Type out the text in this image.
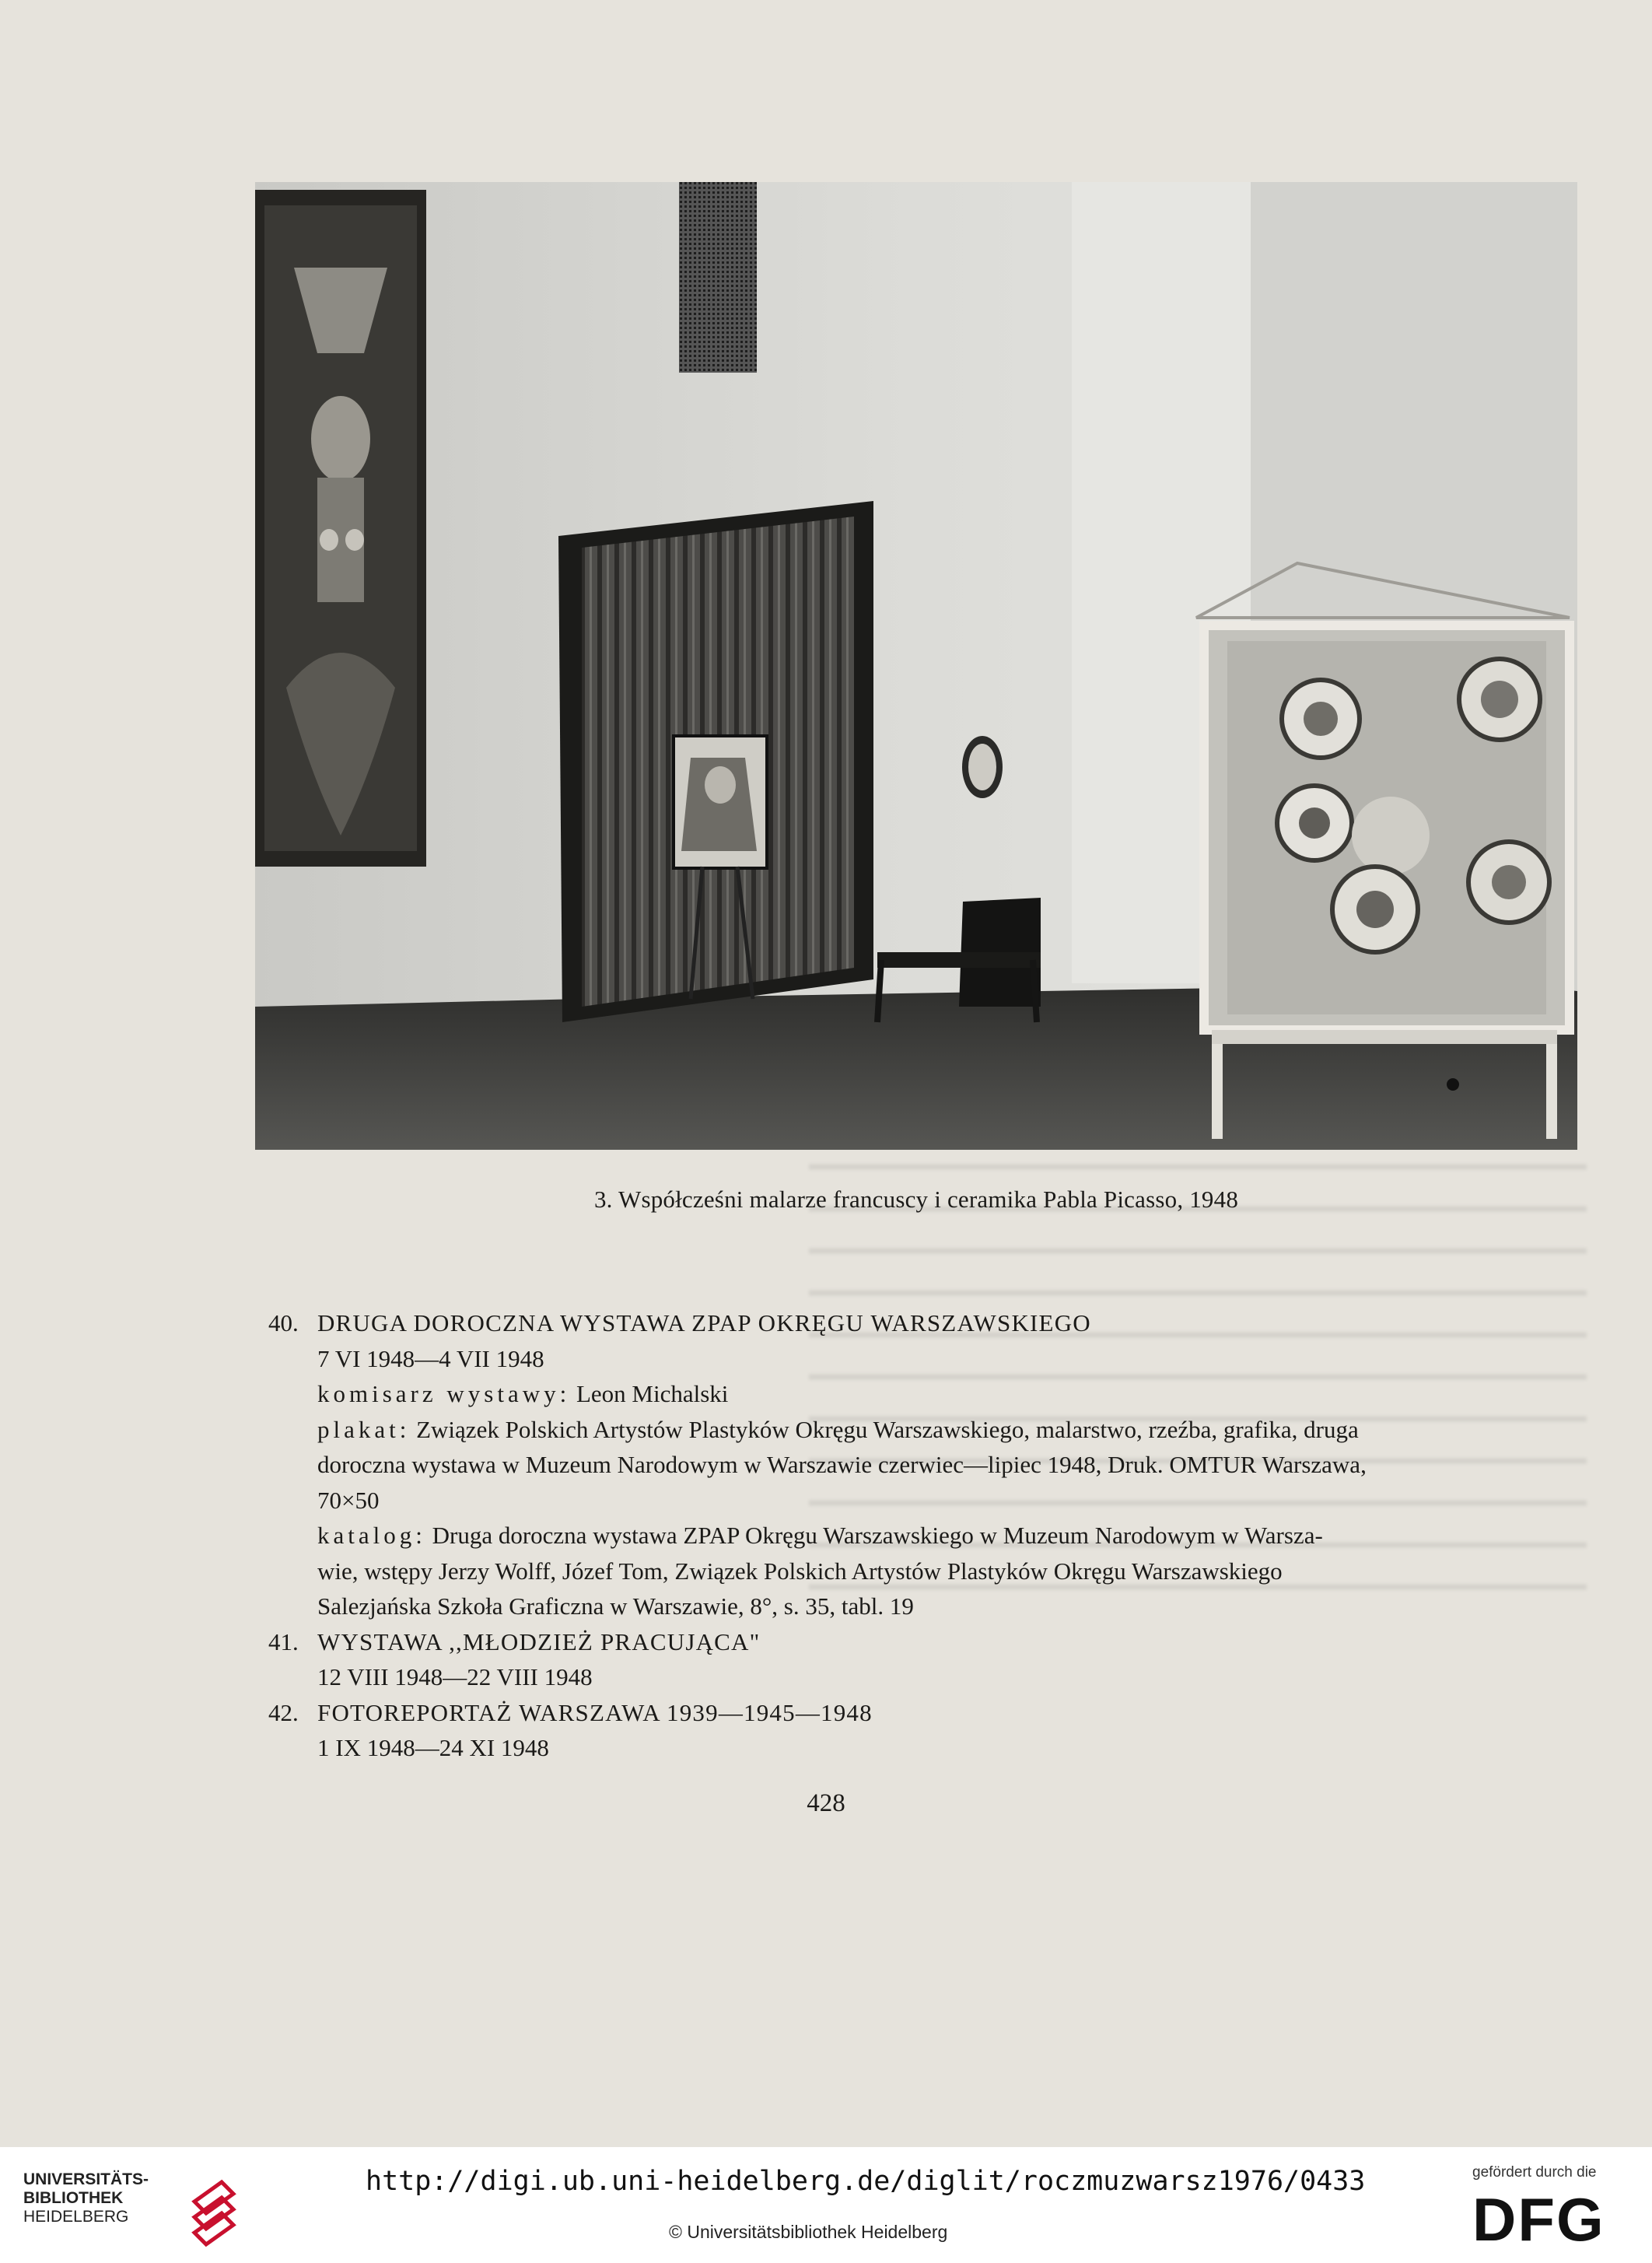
3. Współcześni malarze francuscy i ceramika Pabla Picasso, 1948
40. DRUGA DOROCZNA WYSTAWA ZPAP OKRĘGU WARSZAWSKIEGO
7 VI 1948—4 VII 1948
komisarz wystawy: Leon Michalski
plakat: Związek Polskich Artystów Plastyków Okręgu Warszawskiego, malarstwo, rzeźba, grafika, druga
doroczna wystawa w Muzeum Narodowym w Warszawie czerwiec—lipiec 1948, Druk. OMTUR Warszawa,
70×50
katalog: Druga doroczna wystawa ZPAP Okręgu Warszawskiego w Muzeum Narodowym w Warsza-
wie, wstępy Jerzy Wolff, Józef Tom, Związek Polskich Artystów Plastyków Okręgu Warszawskiego
Salezjańska Szkoła Graficzna w Warszawie, 8°, s. 35, tabl. 19
41. WYSTAWA ,,MŁODZIEŻ PRACUJĄCA"
12 VIII 1948—22 VIII 1948
42. FOTOREPORTAŻ WARSZAWA 1939—1945—1948
1 IX 1948—24 XI 1948
428
UNIVERSITÄTS-
BIBLIOTHEK
HEIDELBERG
http://digi.ub.uni-heidelberg.de/diglit/roczmuzwarsz1976/0433
© Universitätsbibliothek Heidelberg
gefördert durch die
DFG
